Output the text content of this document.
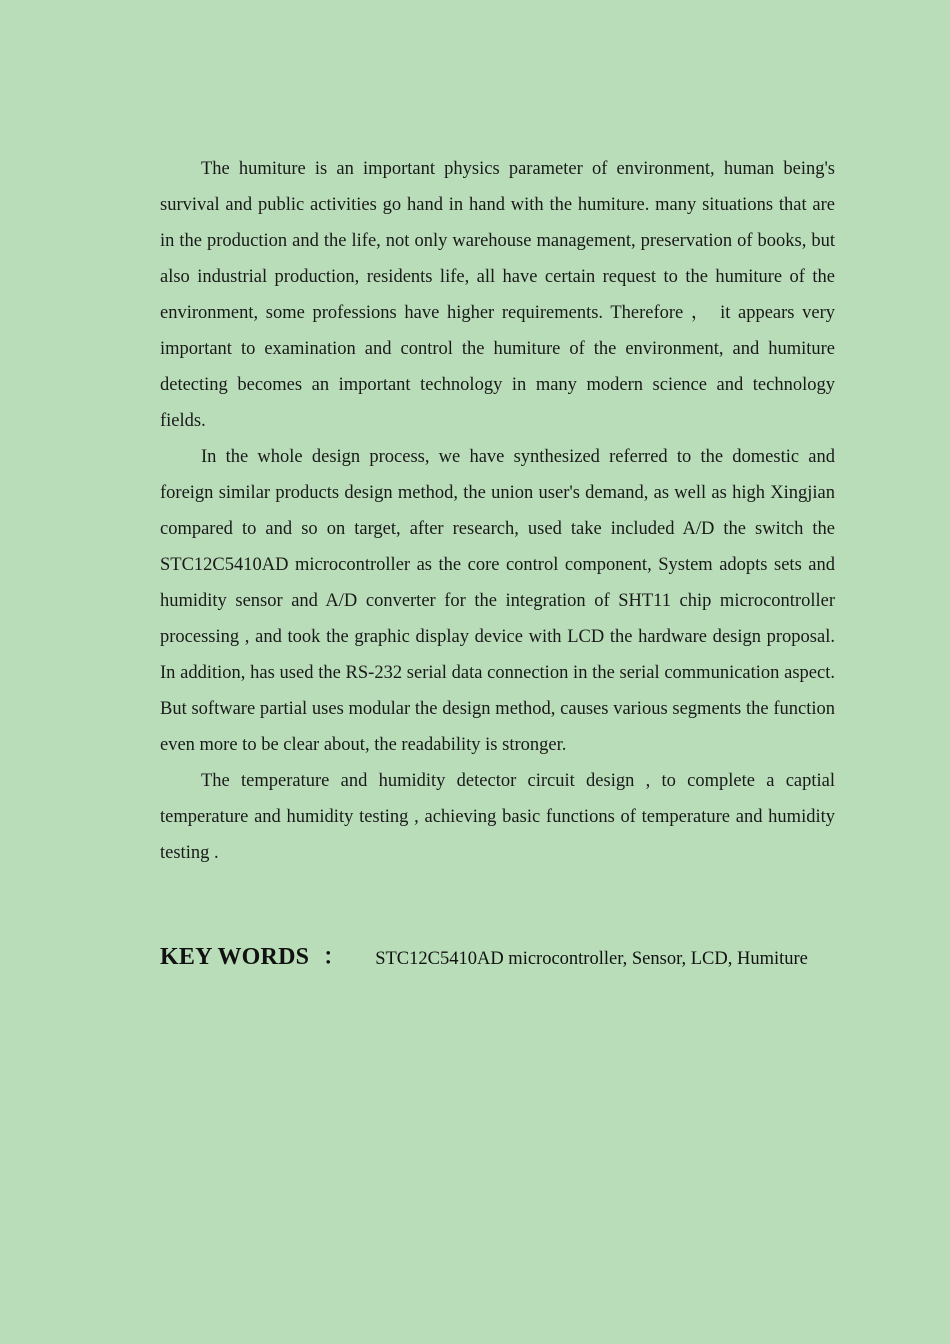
The humiture is an important physics parameter of environment, human being's survival and public activities go hand in hand with the humiture. many situations that are in the production and the life, not only warehouse management, preservation of books, but also industrial production, residents life, all have certain request to the humiture of the environment, some professions have higher requirements. Therefore ， it appears very important to examination and control the humiture of the environment, and humiture detecting becomes an important technology in many modern science and technology fields.

In the whole design process, we have synthesized referred to the domestic and foreign similar products design method, the union user's demand, as well as high Xingjian compared to and so on target, after research, used take included A/D the switch the STC12C5410AD microcontroller as the core control component, System adopts sets and humidity sensor and A/D converter for the integration of SHT11 chip microcontroller processing , and took the graphic display device with LCD the hardware design proposal. In addition, has used the RS-232 serial data connection in the serial communication aspect. But software partial uses modular the design method, causes various segments the function even more to be clear about, the readability is stronger.

The temperature and humidity detector circuit design , to complete a captial temperature and humidity testing , achieving basic functions of temperature and humidity testing .

KEY WORDS ： STC12C5410AD microcontroller, Sensor, LCD, Humiture
